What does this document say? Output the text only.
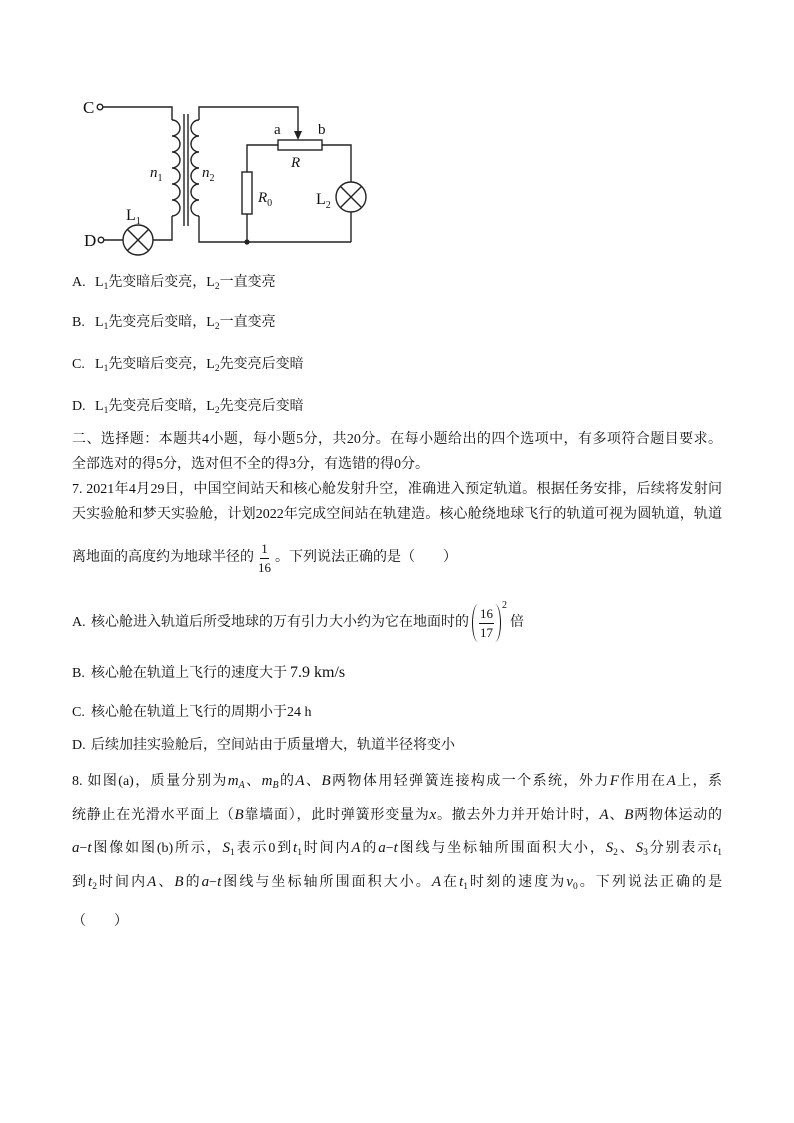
C
D
$n_1$	$n_2$
$L_1$
$L_2$
$R_0$
R
a b
A. $L_1$先变暗后变亮，$L_2$一直变亮
B. $L_1$先变亮后变暗，$L_2$一直变亮
C. $L_1$先变暗后变亮，$L_2$先变亮后变暗
D. $L_1$先变亮后变暗，$L_2$先变亮后变暗
二、选择题：本题共4小题，每小题5分，共20分。在每小题给出的四个选项中，有多项符合题目要求。
全部选对的得5分，选对但不全的得3分，有选错的得0分。
7. 2021年4月29日，中国空间站天和核心舱发射升空，准确进入预定轨道。根据任务安排，后续将发射问
天实验舱和梦天实验舱，计划2022年完成空间站在轨建造。核心舱绕地球飞行的轨道可视为圆轨道，轨道
离地面的高度约为地球半径的
1
16
。下列说法正确的是（　　）
A. 核心舱进入轨道后所受地球的万有引力大小约为它在地面时的 $\frac{16}{17} 2$
倍
B. 核心舱在轨道上飞行的速度大于 7.9 km/s
C. 核心舱在轨道上飞行的周期小于24 h
D. 后续加挂实验舱后，空间站由于质量增大，轨道半径将变小
8. 如图(a)，质量分别为$m_A$、$m_B$的A、B两物体用轻弹簧连接构成一个系统，外力F作用在A上，系
统静止在光滑水平面上（B靠墙面），此时弹簧形变量为x。撤去外力并开始计时，A、B两物体运动的
a−t图像如图(b)所示，$S_1$表示0到$t_1$时间内A的a−t图线与坐标轴所围面积大小，$S_2$、$S_3$分别表示$t_1$
到$t_2$时间内A、B的a−t图线与坐标轴所围面积大小。A在$t_1$时刻的速度为$v_0$。下列说法正确的是
（　　）
